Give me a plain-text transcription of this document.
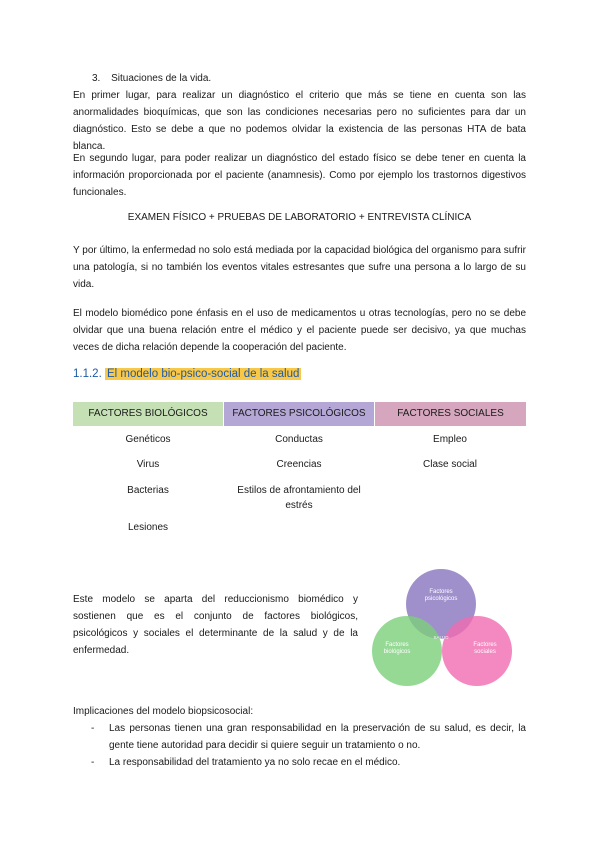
3. Situaciones de la vida.
En primer lugar, para realizar un diagnóstico el criterio que más se tiene en cuenta son las anormalidades bioquímicas, que son las condiciones necesarias pero no suficientes para dar un diagnóstico. Esto se debe a que no podemos olvidar la existencia de las personas HTA de bata blanca.
En segundo lugar, para poder realizar un diagnóstico del estado físico se debe tener en cuenta la información proporcionada por el paciente (anamnesis). Como por ejemplo los trastornos digestivos funcionales.
EXAMEN FÍSICO + PRUEBAS DE LABORATORIO + ENTREVISTA CLÍNICA
Y por último, la enfermedad no solo está mediada por la capacidad biológica del organismo para sufrir una patología, si no también los eventos vitales estresantes que sufre una persona a lo largo de su vida.
El modelo biomédico pone énfasis en el uso de medicamentos u otras tecnologías, pero no se debe olvidar que una buena relación entre el médico y el paciente puede ser decisivo, ya que muchas veces de dicha relación depende la cooperación del paciente.
1.1.2. El modelo bio-psico-social de la salud
FACTORES BIOLÓGICOS	FACTORES PSICOLÓGICOS	FACTORES SOCIALES
Genéticos
Virus
Bacterias
Lesiones
Conductas
Creencias
Estilos de afrontamiento del estrés
Empleo
Clase social
Este modelo se aparta del reduccionismo biomédico y sostienen que es el conjunto de factores biológicos, psicológicos y sociales el determinante de la salud y de la enfermedad.
Factores psicológicos
Factores biológicos
Factores sociales
SALUD
Implicaciones del modelo biopsicosocial:
- Las personas tienen una gran responsabilidad en la preservación de su salud, es decir, la gente tiene autoridad para decidir si quiere seguir un tratamiento o no.
- La responsabilidad del tratamiento ya no solo recae en el médico.
